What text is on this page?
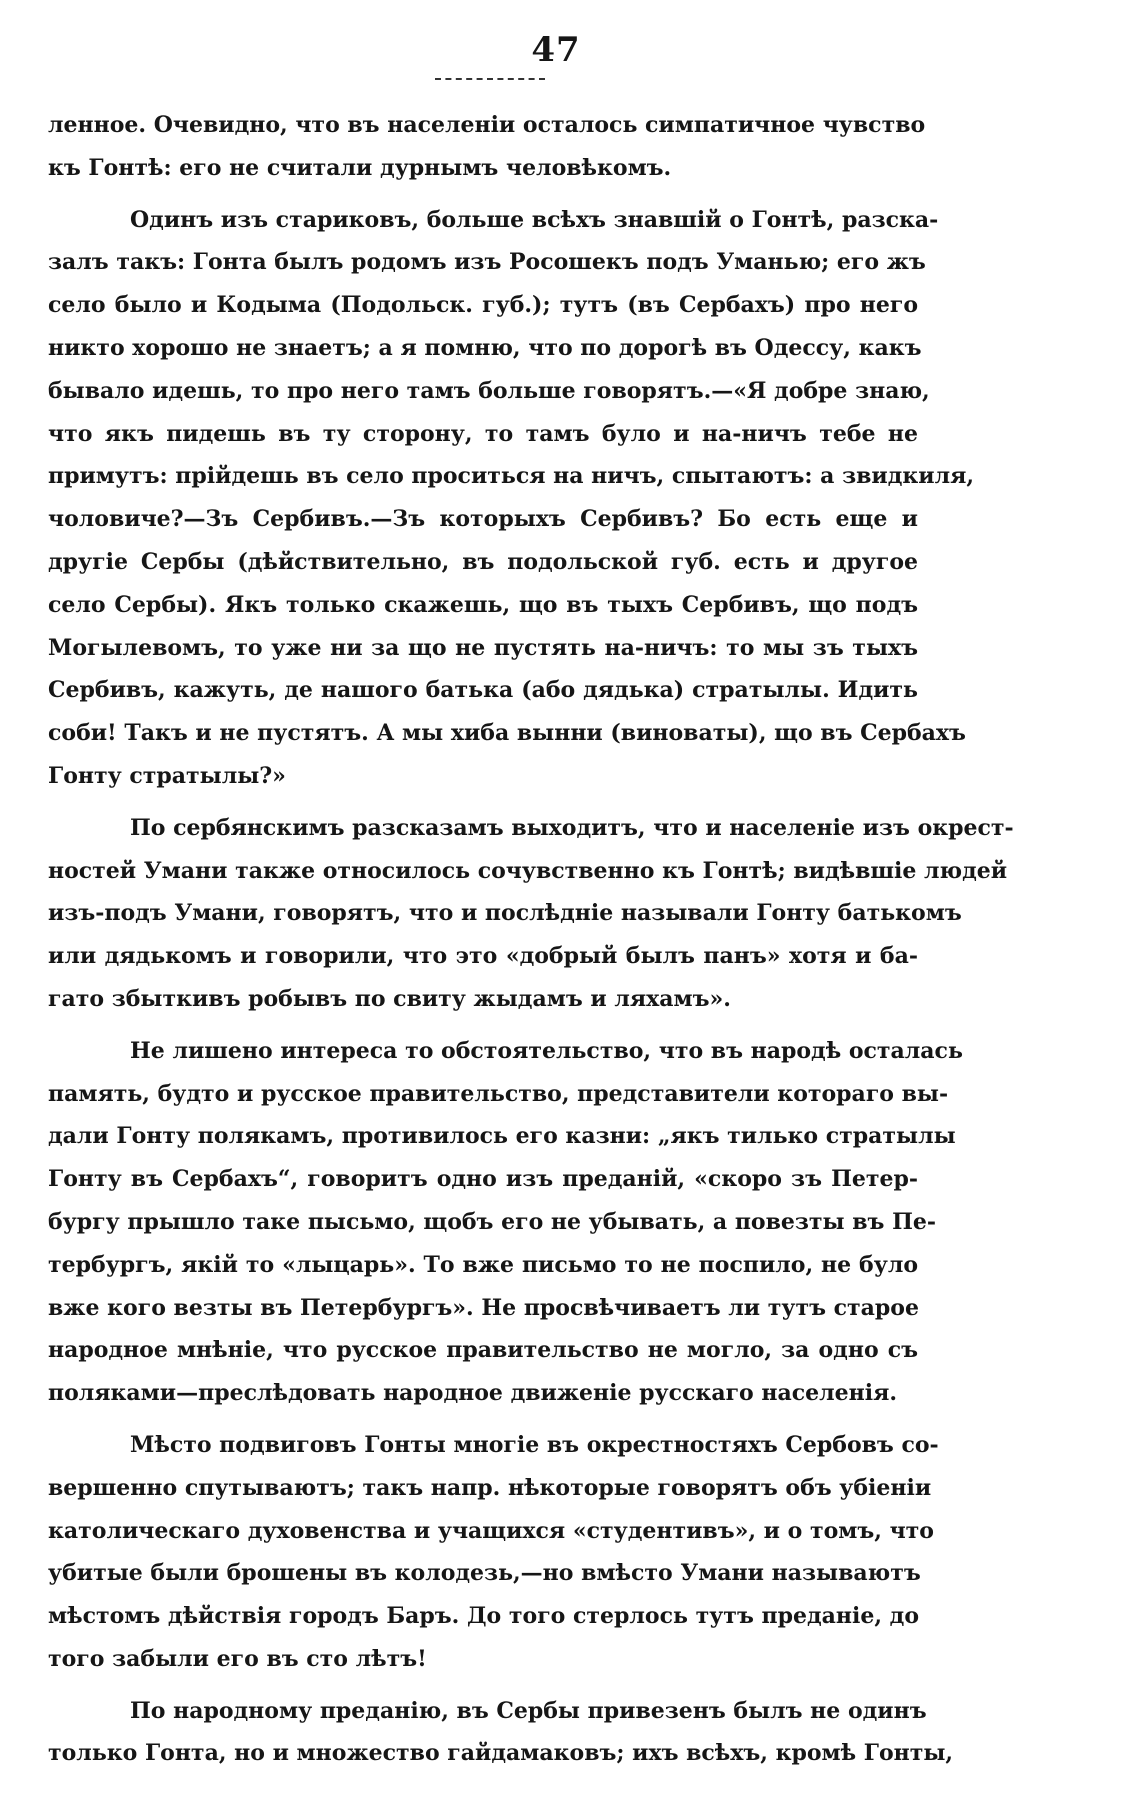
47
ленное. Очевидно, что въ населеніи осталось симпатичное чувство
къ Гонтѣ: его не считали дурнымъ человѣкомъ.
Одинъ изъ стариковъ, больше всѣхъ знавшій о Гонтѣ, разска-
залъ такъ: Гонта былъ родомъ изъ Росошекъ подъ Уманью; его жъ
село было и Кодыма (Подольск. губ.); тутъ (въ Сербахъ) про него
никто хорошо не знаетъ; а я помню, что по дорогѣ въ Одессу, какъ
бывало идешь, то про него тамъ больше говорятъ.—«Я добре знаю,
что якъ пидешь въ ту сторону, то тамъ було и на-ничъ тебе не
примутъ: прійдешь въ село проситься на ничъ, спытаютъ: а звидкиля,
чоловиче?—Зъ Сербивъ.—Зъ которыхъ Сербивъ? Бо есть еще и
другіе Сербы (дѣйствительно, въ подольской губ. есть и другое
село Сербы). Якъ только скажешь, що въ тыхъ Сербивъ, що подъ
Могылевомъ, то уже ни за що не пустять на-ничъ: то мы зъ тыхъ
Сербивъ, кажуть, де нашого батька (або дядька) стратылы. Идить
соби! Такъ и не пустятъ. А мы хиба вынни (виноваты), що въ Сербахъ
Гонту стратылы?»
По сербянскимъ разсказамъ выходитъ, что и населеніе изъ окрест-
ностей Умани также относилось сочувственно къ Гонтѣ; видѣвшіе людей
изъ-подъ Умани, говорятъ, что и послѣдніе называли Гонту батькомъ
или дядькомъ и говорили, что это «добрый былъ панъ» хотя и ба-
гато збыткивъ робывъ по свиту жыдамъ и ляхамъ».
Не лишено интереса то обстоятельство, что въ народѣ осталась
память, будто и русское правительство, представители котораго вы-
дали Гонту полякамъ, противилось его казни: „якъ тилько стратылы
Гонту въ Сербахъ“, говоритъ одно изъ преданій, «скоро зъ Петер-
бургу прышло таке пысьмо, щобъ его не убывать, а повезты въ Пе-
тербургъ, якій то «лыцарь». То вже письмо то не поспило, не було
вже кого везты въ Петербургъ». Не просвѣчиваетъ ли тутъ старое
народное мнѣніе, что русское правительство не могло, за одно съ
поляками—преслѣдовать народное движеніе русскаго населенія.
Мѣсто подвиговъ Гонты многіе въ окрестностяхъ Сербовъ со-
вершенно спутываютъ; такъ напр. нѣкоторые говорятъ объ убіеніи
католическаго духовенства и учащихся «студентивъ», и о томъ, что
убитые были брошены въ колодезь,—но вмѣсто Умани называютъ
мѣстомъ дѣйствія городъ Баръ. До того стерлось тутъ преданіе, до
того забыли его въ сто лѣтъ!
По народному преданію, въ Сербы привезенъ былъ не одинъ
только Гонта, но и множество гайдамаковъ; ихъ всѣхъ, кромѣ Гонты,
